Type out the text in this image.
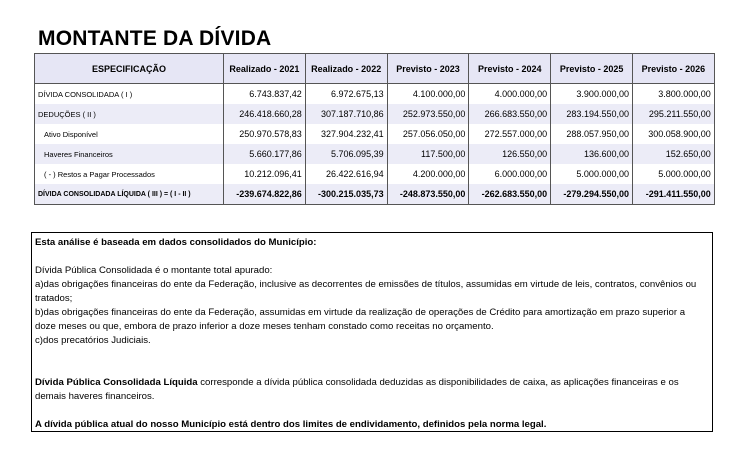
MONTANTE DA DÍVIDA
ESPECIFICAÇÃO	Realizado - 2021	Realizado - 2022	Previsto - 2023	Previsto - 2024	Previsto - 2025	Previsto - 2026
DÍVIDA CONSOLIDADA ( I )	6.743.837,42	6.972.675,13	4.100.000,00	4.000.000,00	3.900.000,00	3.800.000,00
DEDUÇÕES ( II )	246.418.660,28	307.187.710,86	252.973.550,00	266.683.550,00	283.194.550,00	295.211.550,00
Ativo Disponível	250.970.578,83	327.904.232,41	257.056.050,00	272.557.000,00	288.057.950,00	300.058.900,00
Haveres Financeiros	5.660.177,86	5.706.095,39	117.500,00	126.550,00	136.600,00	152.650,00
( - ) Restos a Pagar Processados	10.212.096,41	26.422.616,94	4.200.000,00	6.000.000,00	5.000.000,00	5.000.000,00
DÍVIDA CONSOLIDADA LÍQUIDA ( III ) = ( I - II )	-239.674.822,86	-300.215.035,73	-248.873.550,00	-262.683.550,00	-279.294.550,00	-291.411.550,00

Esta análise é baseada em dados consolidados do Município:

Dívida Pública Consolidada é o montante total apurado:

a)das obrigações financeiras do ente da Federação, inclusive as decorrentes de emissões de títulos, assumidas em virtude de leis, contratos, convênios ou tratados;

b)das obrigações financeiras do ente da Federação, assumidas em virtude da realização de operações de Crédito para amortização em prazo superior a doze meses ou que, embora de prazo inferior a doze meses tenham constado como receitas no orçamento.

c)dos precatórios Judiciais.

Dívida Pública Consolidada Líquida corresponde a dívida pública consolidada deduzidas as disponibilidades de caixa, as aplicações financeiras e os demais haveres financeiros.

A dívida pública atual do nosso Município está dentro dos limites de endividamento, definidos pela norma legal.
